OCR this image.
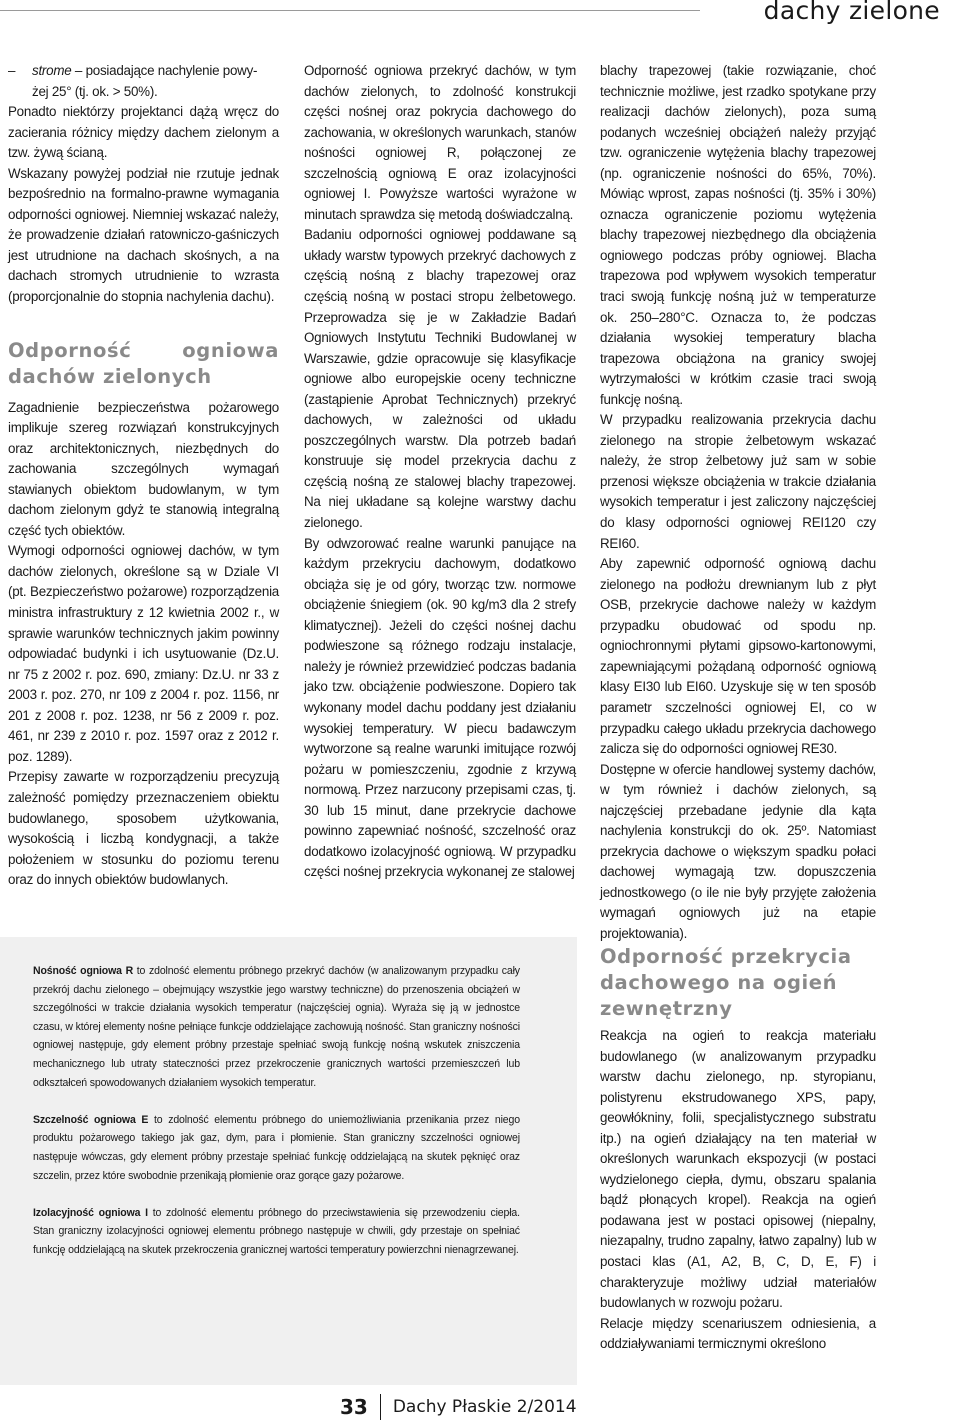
dachy zielone
–	strome – posiadające nachylenie powy-

żej 25° (tj. ok. > 50%).

Ponadto niektórzy projektanci dążą wręcz do zacierania różnicy między dachem zielonym a tzw. żywą ścianą.

Wskazany powyżej podział nie rzutuje jednak bezpośrednio na formalno-prawne wymagania odporności ogniowej. Niemniej wskazać należy, że prowadzenie działań ratowniczo-gaśniczych jest utrudnione na dachach skośnych, a na dachach stromych utrudnienie to wzrasta (proporcjonalnie do stopnia nachylenia dachu).

Odporność ogniowa dachów zielonych

Zagadnienie bezpieczeństwa pożarowego implikuje szereg rozwiązań konstrukcyjnych oraz architektonicznych, niezbędnych do zachowania szczególnych wymagań stawianych obiektom budowlanym, w tym dachom zielonym gdyż te stanowią integralną część tych obiektów.

Wymogi odporności ogniowej dachów, w tym dachów zielonych, określone są w Dziale VI (pt. Bezpieczeństwo pożarowe) rozporządzenia ministra infrastruktury z 12 kwietnia 2002 r., w sprawie warunków technicznych jakim powinny odpowiadać budynki i ich usytuowanie (Dz.U. nr 75 z 2002 r. poz. 690, zmiany: Dz.U. nr 33 z 2003 r. poz. 270, nr 109 z 2004 r. poz. 1156, nr 201 z 2008 r. poz. 1238, nr 56 z 2009 r. poz. 461, nr 239 z 2010 r. poz. 1597 oraz z 2012 r. poz. 1289).

Przepisy zawarte w rozporządzeniu precyzują zależność pomiędzy przeznaczeniem obiektu budowlanego, sposobem użytkowania, wysokością i liczbą kondygnacji, a także położeniem w stosunku do poziomu terenu oraz do innych obiektów budowlanych.

Odporność ogniowa przekryć dachów, w tym dachów zielonych, to zdolność konstrukcji części nośnej oraz pokrycia dachowego do zachowania, w określonych warunkach, stanów nośności ogniowej R, połączonej ze szczelnością ogniową E oraz izolacyjności ogniowej I. Powyższe wartości wyrażone w minutach sprawdza się metodą doświadczalną.

Badaniu odporności ogniowej poddawane są układy warstw typowych przekryć dachowych z częścią nośną z blachy trapezowej oraz częścią nośną w postaci stropu żelbetowego. Przeprowadza się je w Zakładzie Badań Ogniowych Instytutu Techniki Budowlanej w Warszawie, gdzie opracowuje się klasyfikacje ogniowe albo europejskie oceny techniczne (zastąpienie Aprobat Technicznych) przekryć dachowych, w zależności od układu poszczególnych warstw. Dla potrzeb badań konstruuje się model przekrycia dachu z częścią nośną ze stalowej blachy trapezowej. Na niej układane są kolejne warstwy dachu zielonego.

By odwzorować realne warunki panujące na każdym przekryciu dachowym, dodatkowo obciąża się je od góry, tworząc tzw. normowe obciążenie śniegiem (ok. 90 kg/m3 dla 2 strefy klimatycznej). Jeżeli do części nośnej dachu podwieszone są różnego rodzaju instalacje, należy je również przewidzieć podczas badania jako tzw. obciążenie podwieszone. Dopiero tak wykonany model dachu poddany jest działaniu wysokiej temperatury. W piecu badawczym wytworzone są realne warunki imitujące rozwój pożaru w pomieszczeniu, zgodnie z krzywą normową. Przez narzucony przepisami czas, tj. 30 lub 15 minut, dane przekrycie dachowe powinno zapewniać nośność, szczelność oraz dodatkowo izolacyjność ogniową. W przypadku części nośnej przekrycia wykonanej ze stalowej

blachy trapezowej (takie rozwiązanie, choć technicznie możliwe, jest rzadko spotykane przy realizacji dachów zielonych), poza sumą podanych wcześniej obciążeń należy przyjąć tzw. ograniczenie wytężenia blachy trapezowej (np. ograniczenie nośności do 65%, 70%). Mówiąc wprost, zapas nośności (tj. 35% i 30%) oznacza ograniczenie poziomu wytężenia blachy trapezowej niezbędnego dla obciążenia ogniowego podczas próby ogniowej. Blacha trapezowa pod wpływem wysokich temperatur traci swoją funkcję nośną już w temperaturze ok. 250–280°C. Oznacza to, że podczas działania wysokiej temperatury blacha trapezowa obciążona na granicy swojej wytrzymałości w krótkim czasie traci swoją funkcję nośną.

W przypadku realizowania przekrycia dachu zielonego na stropie żelbetowym wskazać należy, że strop żelbetowy już sam w sobie przenosi większe obciążenia w trakcie działania wysokich temperatur i jest zaliczony najczęściej do klasy odporności ogniowej REI120 czy REI60.

Aby zapewnić odporność ogniową dachu zielonego na podłożu drewnianym lub z płyt OSB, przekrycie dachowe należy w każdym przypadku obudować od spodu np. ogniochronnymi płytami gipsowo-kartonowymi, zapewniającymi pożądaną odporność ogniową klasy EI30 lub EI60. Uzyskuje się w ten sposób parametr szczelności ogniowej EI, co w przypadku całego układu przekrycia dachowego zalicza się do odporności ogniowej RE30.

Dostępne w ofercie handlowej systemy dachów, w tym również i dachów zielonych, są najczęściej przebadane jedynie dla kąta nachylenia konstrukcji do ok. 25º. Natomiast przekrycia dachowe o większym spadku połaci dachowej wymagają tzw. dopuszczenia jednostkowego (o ile nie były przyjęte założenia wymagań ogniowych już na etapie projektowania).

Odporność przekrycia dachowego na ogień zewnętrzny

Reakcja na ogień to reakcja materiału budowlanego (w analizowanym przypadku warstw dachu zielonego, np. styropianu, polistyrenu ekstrudowanego XPS, papy, geowłókniny, folii, specjalistycznego substratu itp.) na ogień działający na ten materiał w określonych warunkach ekspozycji (w postaci wydzielonego ciepła, dymu, obszaru spalania bądź płonących kropel). Reakcja na ogień podawana jest w postaci opisowej (niepalny, niezapalny, trudno zapalny, łatwo zapalny) lub w postaci klas (A1, A2, B, C, D, E, F) i charakteryzuje możliwy udział materiałów budowlanych w rozwoju pożaru.

Relacje między scenariuszem odniesienia, a oddziaływaniami termicznymi określono

Nośność ogniowa R to zdolność elementu próbnego przekryć dachów (w analizowanym przypadku cały przekrój dachu zielonego – obejmujący wszystkie jego warstwy techniczne) do przenoszenia obciążeń w szczególności w trakcie działania wysokich temperatur (najczęściej ognia). Wyraża się ją w jednostce czasu, w której elementy nośne pełniące funkcje oddzielające zachowują nośność. Stan graniczny nośności ogniowej następuje, gdy element próbny przestaje spełniać swoją funkcję nośną wskutek zniszczenia mechanicznego lub utraty stateczności przez przekroczenie granicznych wartości przemieszczeń lub odkształceń spowodowanych działaniem wysokich temperatur.

Szczelność ogniowa E to zdolność elementu próbnego do uniemożliwiania przenikania przez niego produktu pożarowego takiego jak gaz, dym, para i płomienie. Stan graniczny szczelności ogniowej następuje wówczas, gdy element próbny przestaje spełniać funkcję oddzielającą na skutek pęknięć oraz szczelin, przez które swobodnie przenikają płomienie oraz gorące gazy pożarowe.

Izolacyjność ogniowa I to zdolność elementu próbnego do przeciwstawienia się przewodzeniu ciepła. Stan graniczny izolacyjności ogniowej elementu próbnego następuje w chwili, gdy przestaje on spełniać funkcję oddzielającą na skutek przekroczenia granicznej wartości temperatury powierzchni nienagrzewanej.

33 Dachy Płaskie 2/2014
